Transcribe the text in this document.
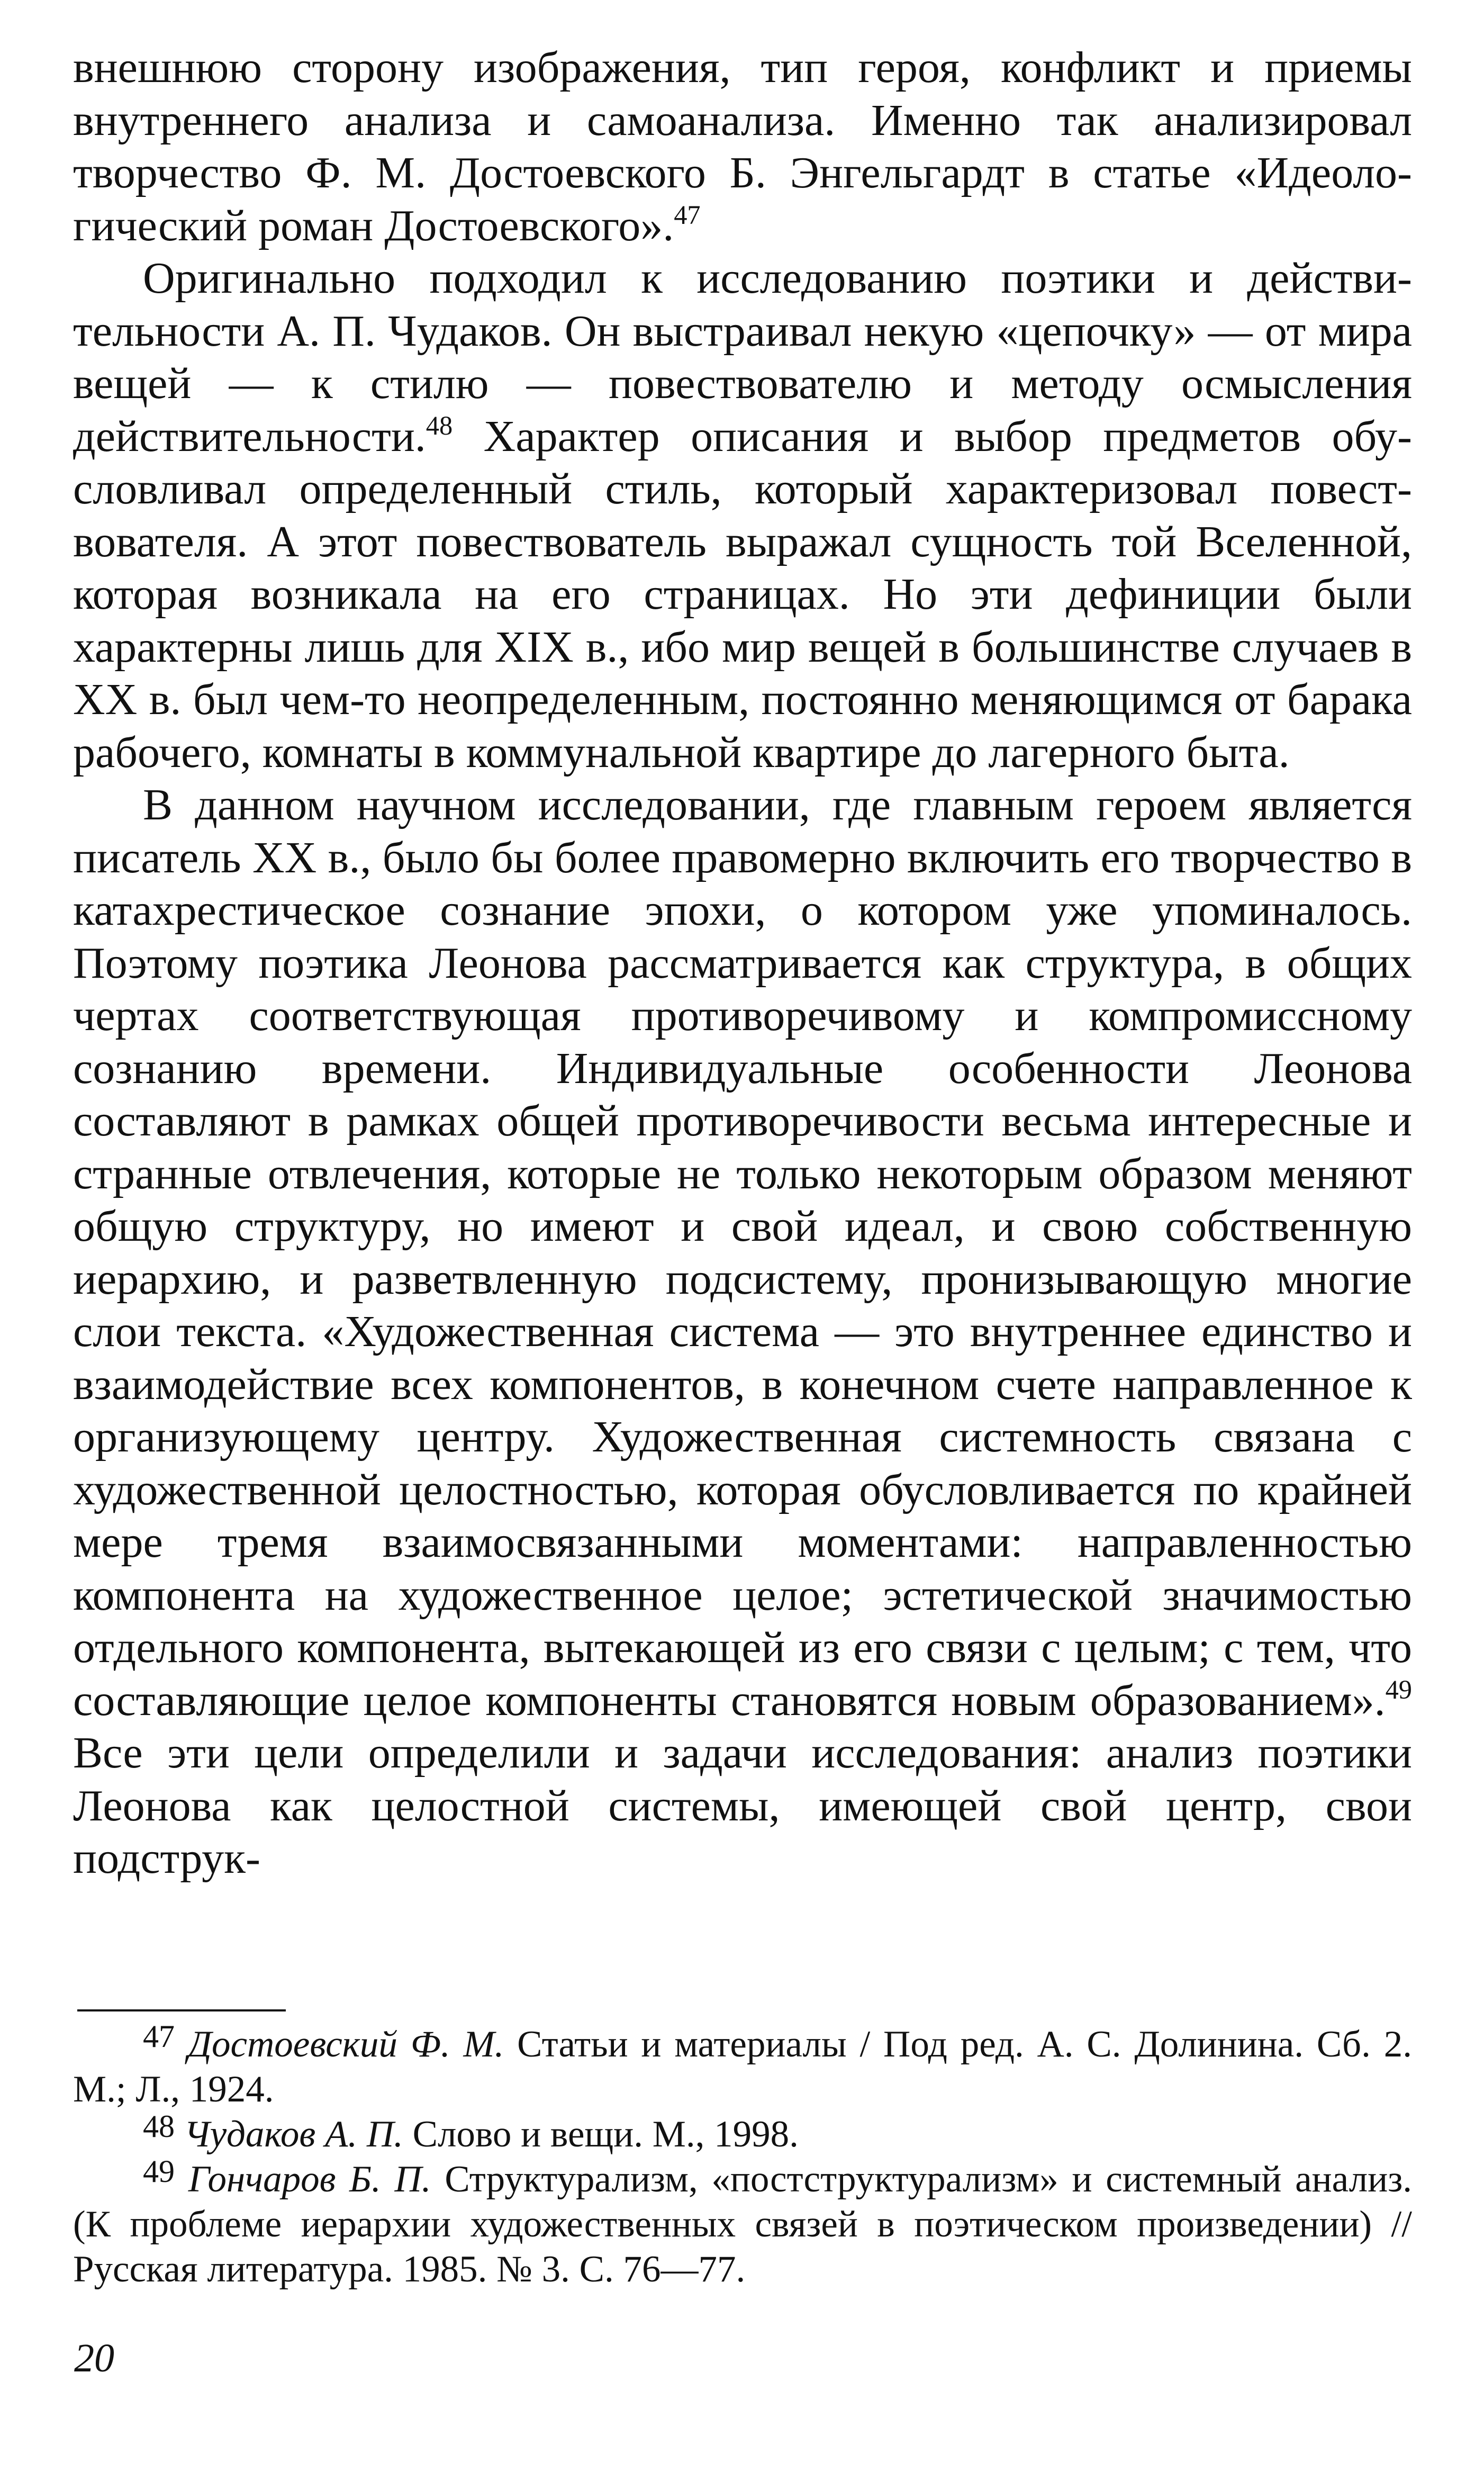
внешнюю сторону изображения, тип героя, конфликт и приемы внутреннего анализа и самоанализа. Именно так анализировал творчество Ф. М. Достоевского Б. Энгельгардт в статье «Идеологический роман Достоевского».$^{47}$

Оригинально подходил к исследованию поэтики и действительности А. П. Чудаков. Он выстраивал некую «цепочку» — от мира вещей — к стилю — повествователю и методу осмысления действительности.$^{48}$ Характер описания и выбор предметов обусловливал определенный стиль, который характеризовал повествователя. А этот повествователь выражал сущность той Вселенной, которая возникала на его страницах. Но эти дефиниции были характерны лишь для XIX в., ибо мир вещей в большинстве случаев в XX в. был чем-то неопределенным, постоянно меняющимся от барака рабочего, комнаты в коммунальной квартире до лагерного быта.

В данном научном исследовании, где главным героем является писатель XX в., было бы более правомерно включить его творчество в катахрестическое сознание эпохи, о котором уже упоминалось. Поэтому поэтика Леонова рассматривается как структура, в общих чертах соответствующая противоречивому и компромиссному сознанию времени. Индивидуальные особенности Леонова составляют в рамках общей противоречивости весьма интересные и странные отвлечения, которые не только некоторым образом меняют общую структуру, но имеют и свой идеал, и свою собственную иерархию, и разветвленную подсистему, пронизывающую многие слои текста. «Художественная система — это внутреннее единство и взаимодействие всех компонентов, в конечном счете направленное к организующему центру. Художественная системность связана с художественной целостностью, которая обусловливается по крайней мере тремя взаимосвязанными моментами: направленностью компонента на художественное целое; эстетической значимостью отдельного компонента, вытекающей из его связи с целым; с тем, что составляющие целое компоненты становятся новым образованием».$^{49}$ Все эти цели определили и задачи исследования: анализ поэтики Леонова как целостной системы, имеющей свой центр, свои подструк-

$^{47}$ Достоевский Ф. М. Статьи и материалы / Под ред. А. С. Долинина. Сб. 2. М.; Л., 1924.

$^{48}$ Чудаков А. П. Слово и вещи. М., 1998.

$^{49}$ Гончаров Б. П. Структурализм, «постструктурализм» и системный анализ. (К проблеме иерархии художественных связей в поэтическом произведении) // Русская литература. 1985. № 3. С. 76—77.

20
